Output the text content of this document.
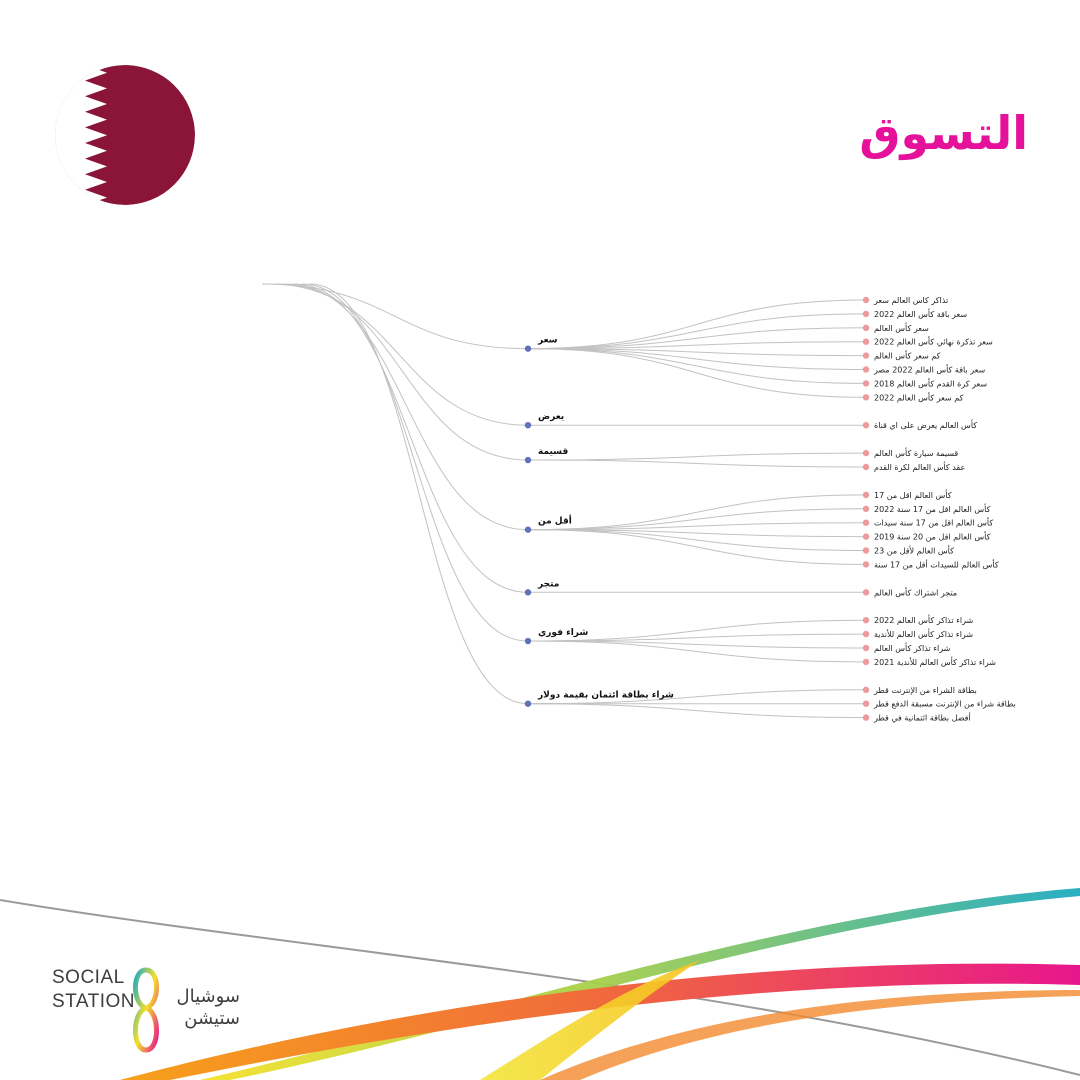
التسوق
تذاكر كاس العالم سعر
سعر باقة كأس العالم 2022
سعر كأس العالم
سعر تذكرة نهائي كأس العالم 2022
كم سعر كأس العالم
سعر باقة كأس العالم 2022 مصر
سعر كرة القدم كأس العالم 2018
كم سعر كأس العالم 2022
سعر
كأس العالم يعرض على اي قناة
يعرض
قسيمة سيارة كأس العالم
عقد كأس العالم لكرة القدم
قسيمة
كأس العالم اقل من 17
كأس العالم اقل من 17 سنة 2022
كأس العالم اقل من 17 سنة سيدات
كأس العالم اقل من 20 سنة 2019
كأس العالم لأقل من 23
كأس العالم للسيدات أقل من 17 سنة
أقل من
متجر اشتراك كأس العالم
متجر
شراء تذاكر كأس العالم 2022
شراء تذاكر كأس العالم للأندية
شراء تذاكر كأس العالم
شراء تذاكر كأس العالم للأندية 2021
شراء فوري
بطاقة الشراء من الإنترنت قطر
بطاقة شراء من الإنترنت مسبقة الدفع قطر
أفضل بطاقة ائتمانية في قطر
شراء بطاقة ائتمان بقيمة دولار
SOCIAL
STATION	سوشيال
ستيشن
